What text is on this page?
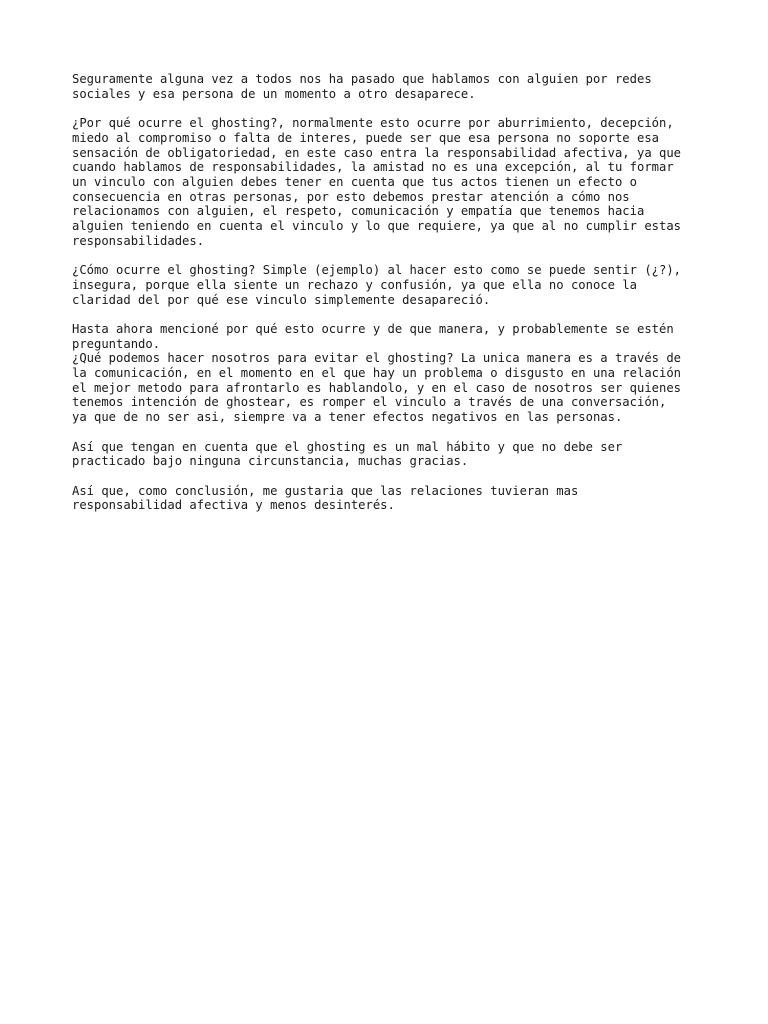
Seguramente alguna vez a todos nos ha pasado que hablamos con alguien por redes
sociales y esa persona de un momento a otro desaparece.

¿Por qué ocurre el ghosting?, normalmente esto ocurre por aburrimiento, decepción,
miedo al compromiso o falta de interes, puede ser que esa persona no soporte esa
sensación de obligatoriedad, en este caso entra la responsabilidad afectiva, ya que
cuando hablamos de responsabilidades, la amistad no es una excepción, al tu formar
un vinculo con alguien debes tener en cuenta que tus actos tienen un efecto o
consecuencia en otras personas, por esto debemos prestar atención a cómo nos
relacionamos con alguien, el respeto, comunicación y empatía que tenemos hacia
alguien teniendo en cuenta el vinculo y lo que requiere, ya que al no cumplir estas
responsabilidades.

¿Cómo ocurre el ghosting? Simple (ejemplo) al hacer esto como se puede sentir (¿?),
insegura, porque ella siente un rechazo y confusión, ya que ella no conoce la
claridad del por qué ese vinculo simplemente desapareció.

Hasta ahora mencioné por qué esto ocurre y de que manera, y probablemente se estén
preguntando.
¿Qué podemos hacer nosotros para evitar el ghosting? La unica manera es a través de
la comunicación, en el momento en el que hay un problema o disgusto en una relación
el mejor metodo para afrontarlo es hablandolo, y en el caso de nosotros ser quienes
tenemos intención de ghostear, es romper el vinculo a través de una conversación,
ya que de no ser asi, siempre va a tener efectos negativos en las personas.

Así que tengan en cuenta que el ghosting es un mal hábito y que no debe ser
practicado bajo ninguna circunstancia, muchas gracias.

Así que, como conclusión, me gustaria que las relaciones tuvieran mas
responsabilidad afectiva y menos desinterés.
